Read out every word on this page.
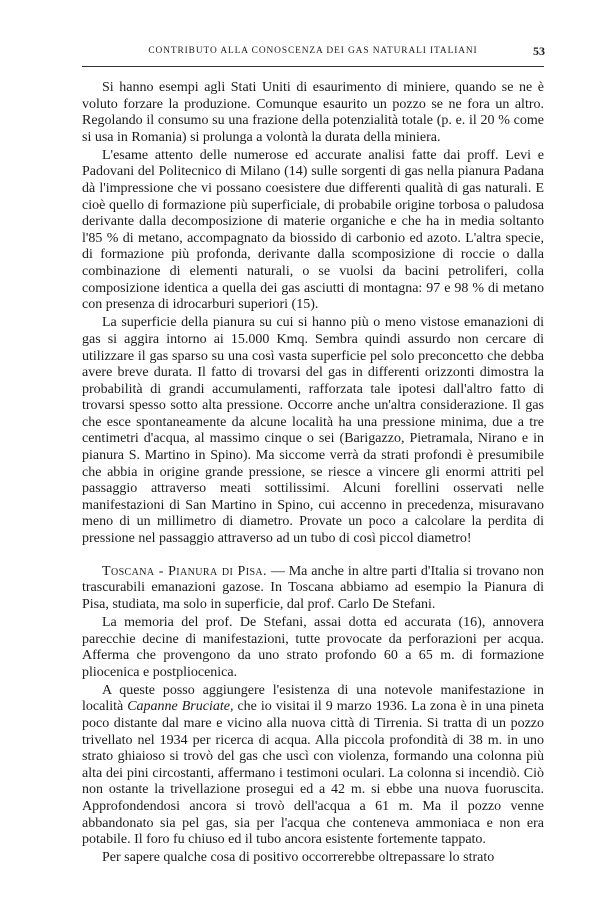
CONTRIBUTO ALLA CONOSCENZA DEI GAS NATURALI ITALIANI	53

Si hanno esempi agli Stati Uniti di esaurimento di miniere, quando se ne è voluto forzare la produzione. Comunque esaurito un pozzo se ne fora un altro. Regolando il consumo su una frazione della potenzialità totale (p. e. il 20 % come si usa in Romania) si prolunga a volontà la durata della miniera.

L'esame attento delle numerose ed accurate analisi fatte dai proff. Levi e Padovani del Politecnico di Milano (14) sulle sorgenti di gas nella pianura Padana dà l'impressione che vi possano coesistere due differenti qualità di gas naturali. E cioè quello di formazione più superficiale, di probabile origine torbosa o paludosa derivante dalla decomposizione di materie organiche e che ha in media soltanto l'85 % di metano, accompagnato da biossido di carbonio ed azoto. L'altra specie, di formazione più profonda, derivante dalla scomposizione di roccie o dalla combinazione di elementi naturali, o se vuolsi da bacini petroliferi, colla composizione identica a quella dei gas asciutti di montagna: 97 e 98 % di metano con presenza di idrocarburi superiori (15).

La superficie della pianura su cui si hanno più o meno vistose emanazioni di gas si aggira intorno ai 15.000 Kmq. Sembra quindi assurdo non cercare di utilizzare il gas sparso su una così vasta superficie pel solo preconcetto che debba avere breve durata. Il fatto di trovarsi del gas in differenti orizzonti dimostra la probabilità di grandi accumulamenti, rafforzata tale ipotesi dall'altro fatto di trovarsi spesso sotto alta pressione. Occorre anche un'altra considerazione. Il gas che esce spontaneamente da alcune località ha una pressione minima, due a tre centimetri d'acqua, al massimo cinque o sei (Barigazzo, Pietramala, Nirano e in pianura S. Martino in Spino). Ma siccome verrà da strati profondi è presumibile che abbia in origine grande pressione, se riesce a vincere gli enormi attriti pel passaggio attraverso meati sottilissimi. Alcuni forellini osservati nelle manifestazioni di San Martino in Spino, cui accenno in precedenza, misuravano meno di un millimetro di diametro. Provate un poco a calcolare la perdita di pressione nel passaggio attraverso ad un tubo di così piccol diametro!

Toscana - Pianura di Pisa. — Ma anche in altre parti d'Italia si trovano non trascurabili emanazioni gazose. In Toscana abbiamo ad esempio la Pianura di Pisa, studiata, ma solo in superficie, dal prof. Carlo De Stefani.

La memoria del prof. De Stefani, assai dotta ed accurata (16), annovera parecchie decine di manifestazioni, tutte provocate da perforazioni per acqua. Afferma che provengono da uno strato profondo 60 a 65 m. di formazione pliocenica e postpliocenica.

A queste posso aggiungere l'esistenza di una notevole manifestazione in località Capanne Bruciate, che io visitai il 9 marzo 1936. La zona è in una pineta poco distante dal mare e vicino alla nuova città di Tirrenia. Si tratta di un pozzo trivellato nel 1934 per ricerca di acqua. Alla piccola profondità di 38 m. in uno strato ghiaioso si trovò del gas che uscì con violenza, formando una colonna più alta dei pini circostanti, affermano i testimoni oculari. La colonna si incendiò. Ciò non ostante la trivellazione prosegui ed a 42 m. si ebbe una nuova fuoruscita. Approfondendosi ancora si trovò dell'acqua a 61 m. Ma il pozzo venne abbandonato sia pel gas, sia per l'acqua che conteneva ammoniaca e non era potabile. Il foro fu chiuso ed il tubo ancora esistente fortemente tappato.

Per sapere qualche cosa di positivo occorrerebbe oltrepassare lo strato
